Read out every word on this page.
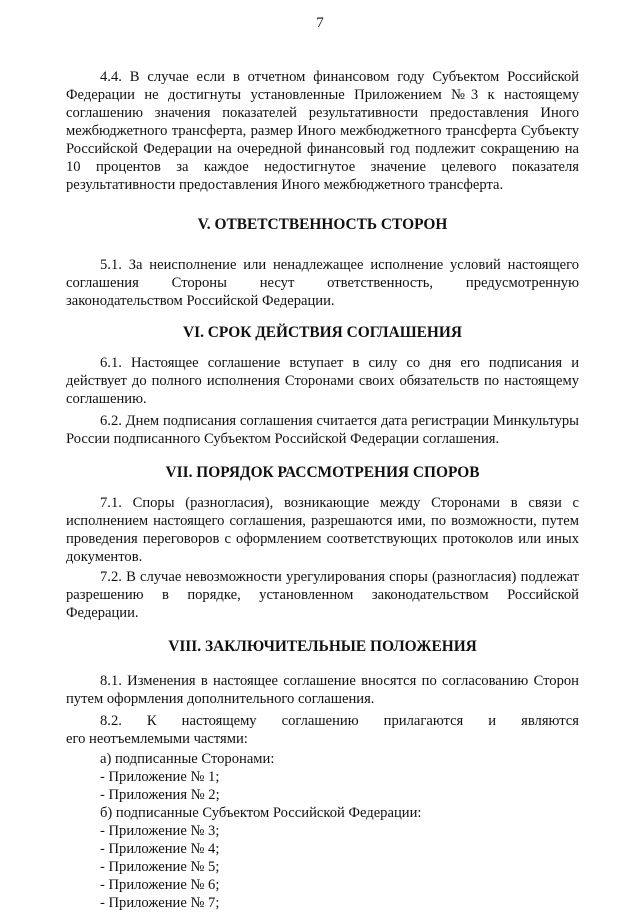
7

4.4. В случае если в отчетном финансовом году Субъектом Российской Федерации не достигнуты установленные Приложением №3 к настоящему соглашению значения показателей результативности предоставления Иного межбюджетного трансферта, размер Иного межбюджетного трансферта Субъекту Российской Федерации на очередной финансовый год подлежит сокращению на 10 процентов за каждое недостигнутое значение целевого показателя результативности предоставления Иного межбюджетного трансферта.

V. ОТВЕТСТВЕННОСТЬ СТОРОН

5.1. За неисполнение или ненадлежащее исполнение условий настоящего соглашения Стороны несут ответственность, предусмотренную законодательством Российской Федерации.

VI. СРОК ДЕЙСТВИЯ СОГЛАШЕНИЯ

6.1. Настоящее соглашение вступает в силу со дня его подписания и действует до полного исполнения Сторонами своих обязательств по настоящему соглашению.

6.2. Днем подписания соглашения считается дата регистрации Минкультуры России подписанного Субъектом Российской Федерации соглашения.

VII. ПОРЯДОК РАССМОТРЕНИЯ СПОРОВ

7.1. Споры (разногласия), возникающие между Сторонами в связи с исполнением настоящего соглашения, разрешаются ими, по возможности, путем проведения переговоров с оформлением соответствующих протоколов или иных документов.

7.2. В случае невозможности урегулирования споры (разногласия) подлежат разрешению в порядке, установленном законодательством Российской Федерации.

VIII. ЗАКЛЮЧИТЕЛЬНЫЕ ПОЛОЖЕНИЯ

8.1. Изменения в настоящее соглашение вносятся по согласованию Сторон путем оформления дополнительного соглашения.

8.2. К настоящему соглашению прилагаются и являются

его неотъемлемыми частями:

а) подписанные Сторонами:

- Приложение № 1;

- Приложения № 2;

б) подписанные Субъектом Российской Федерации:

- Приложение № 3;

- Приложение № 4;

- Приложение № 5;

- Приложение № 6;

- Приложение № 7;
